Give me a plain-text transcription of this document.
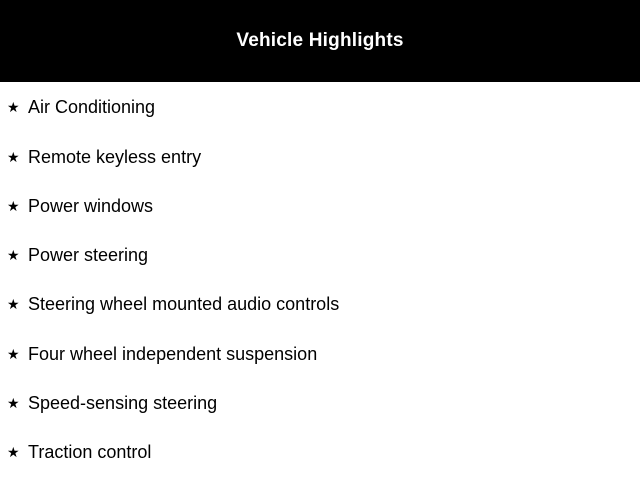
Vehicle Highlights
★ Air Conditioning
★ Remote keyless entry
★ Power windows
★ Power steering
★ Steering wheel mounted audio controls
★ Four wheel independent suspension
★ Speed-sensing steering
★ Traction control
